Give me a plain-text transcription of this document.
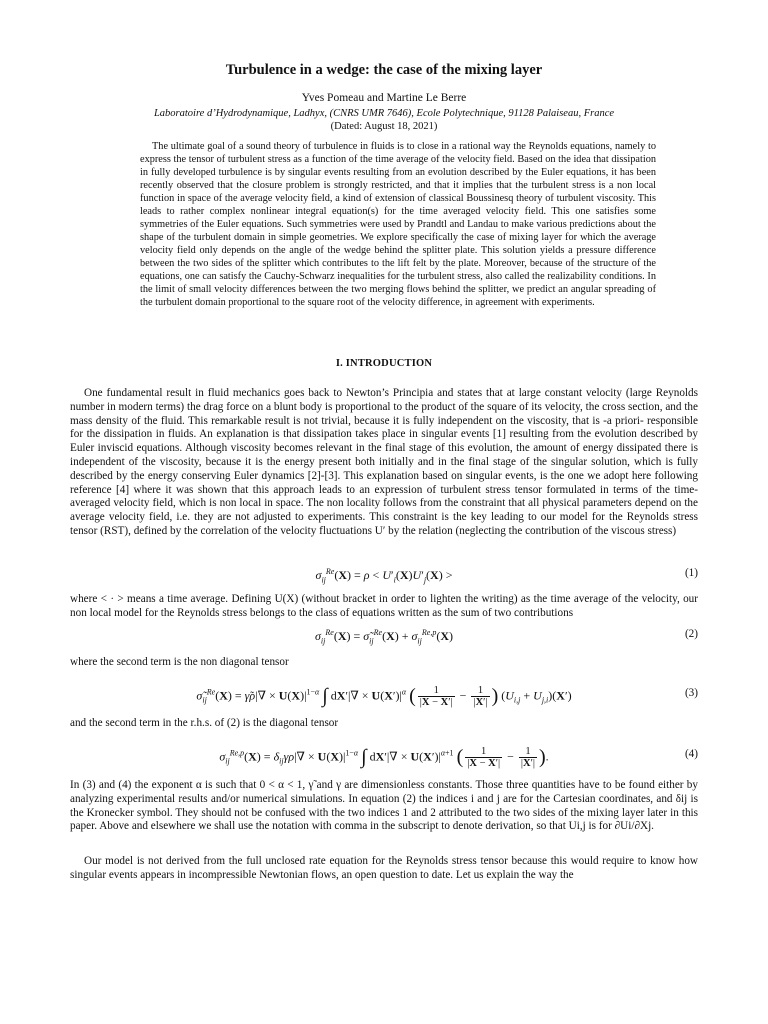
Turbulence in a wedge: the case of the mixing layer
Yves Pomeau and Martine Le Berre
Laboratoire d’Hydrodynamique, Ladhyx, (CNRS UMR 7646), Ecole Polytechnique, 91128 Palaiseau, France
(Dated: August 18, 2021)

The ultimate goal of a sound theory of turbulence in fluids is to close in a rational way the Reynolds equations, namely to express the tensor of turbulent stress as a function of the time average of the velocity field. Based on the idea that dissipation in fully developed turbulence is by singular events resulting from an evolution described by the Euler equations, it has been recently observed that the closure problem is strongly restricted, and that it implies that the turbulent stress is a non local function in space of the average velocity field, a kind of extension of classical Boussinesq theory of turbulent viscosity. This leads to rather complex nonlinear integral equation(s) for the time averaged velocity field. This one satisfies some symmetries of the Euler equations. Such symmetries were used by Prandtl and Landau to make various predictions about the shape of the turbulent domain in simple geometries. We explore specifically the case of mixing layer for which the average velocity field only depends on the angle of the wedge behind the splitter plate. This solution yields a pressure difference between the two sides of the splitter which contributes to the lift felt by the plate. Moreover, because of the structure of the equations, one can satisfy the Cauchy-Schwarz inequalities for the turbulent stress, also called the realizability conditions. In the limit of small velocity differences between the two merging flows behind the splitter, we predict an angular spreading of the turbulent domain proportional to the square root of the velocity difference, in agreement with experiments.

I. INTRODUCTION

One fundamental result in fluid mechanics goes back to Newton’s Principia and states that at large constant velocity (large Reynolds number in modern terms) the drag force on a blunt body is proportional to the product of the square of its velocity, the cross section, and the mass density of the fluid. This remarkable result is not trivial, because it is fully independent on the viscosity, that is -a priori- responsible for the dissipation in fluids. An explanation is that dissipation takes place in singular events [1] resulting from the evolution described by Euler inviscid equations. Although viscosity becomes relevant in the final stage of this evolution, the amount of energy dissipated there is independent of the viscosity, because it is the energy present both initially and in the final stage of the singular solution, which is fully described by the energy conserving Euler dynamics [2]-[3]. This explanation based on singular events, is the one we adopt here following reference [4] where it was shown that this approach leads to an expression of turbulent stress tensor formulated in terms of the time-averaged velocity field, which is non local in space. The non locality follows from the constraint that all physical parameters depend on the average velocity field, i.e. they are not adjusted to experiments. This constraint is the key leading to our model for the Reynolds stress tensor (RST), defined by the correlation of the velocity fluctuations U′ by the relation (neglecting the contribution of the viscous stress)

$\sigma_{ij}^{Re}(X) = \rho < U'_i(X)U'_j(X)$ >	(1)

where < · > means a time average. Defining U(X) (without bracket in order to lighten the writing) as the time average of the velocity, our non local model for the Reynolds stress belongs to the class of equations written as the sum of two contributions

$\sigma_{ij}^{Re}(X)$ = $\sigmã_{ij}^{Re}(X) + \sigma_{ij}^{Re,p}(X)$	(2)

where the second term is the non diagonal tensor

$\sigmã_{ij}^{Re}(X)$ = γ̃ρ|∇ × $U(X)|^{1-\alpha}$ ∫ $dX'|\nabla \times U(X')|^\alpha$ ( $\frac{1}{|X - X'|} - \frac{1}{|X'|}$ ) $(U_{i,j} + U_{j,i})(X')$	(3)

and the second term in the r.h.s. of (2) is the diagonal tensor

$\sigma_{ij}^{Re,p}(X) = \delta_{ij}\gamma\rho|\nabla \times U(X)|^{1-\alpha}$ ∫ $dX'|\nabla \times U(X')|^{\alpha+1}$ ( $\frac{1}{|X - X'|} - \frac{1}{|X'|}$ ).	(4)

In (3) and (4) the exponent α is such that 0 < α < 1, γ̃ and γ are dimensionless constants. Those three quantities have to be found either by analyzing experimental results and/or numerical simulations. In equation (2) the indices i and j are for the Cartesian coordinates, and δij is the Kronecker symbol. They should not be confused with the two indices 1 and 2 attributed to the two sides of the mixing layer later in this paper. Above and elsewhere we shall use the notation with comma in the subscript to denote derivation, so that Ui,j is for ∂Ui/∂Xj.

Our model is not derived from the full unclosed rate equation for the Reynolds stress tensor because this would require to know how singular events appears in incompressible Newtonian flows, an open question to date. Let us explain the way the
